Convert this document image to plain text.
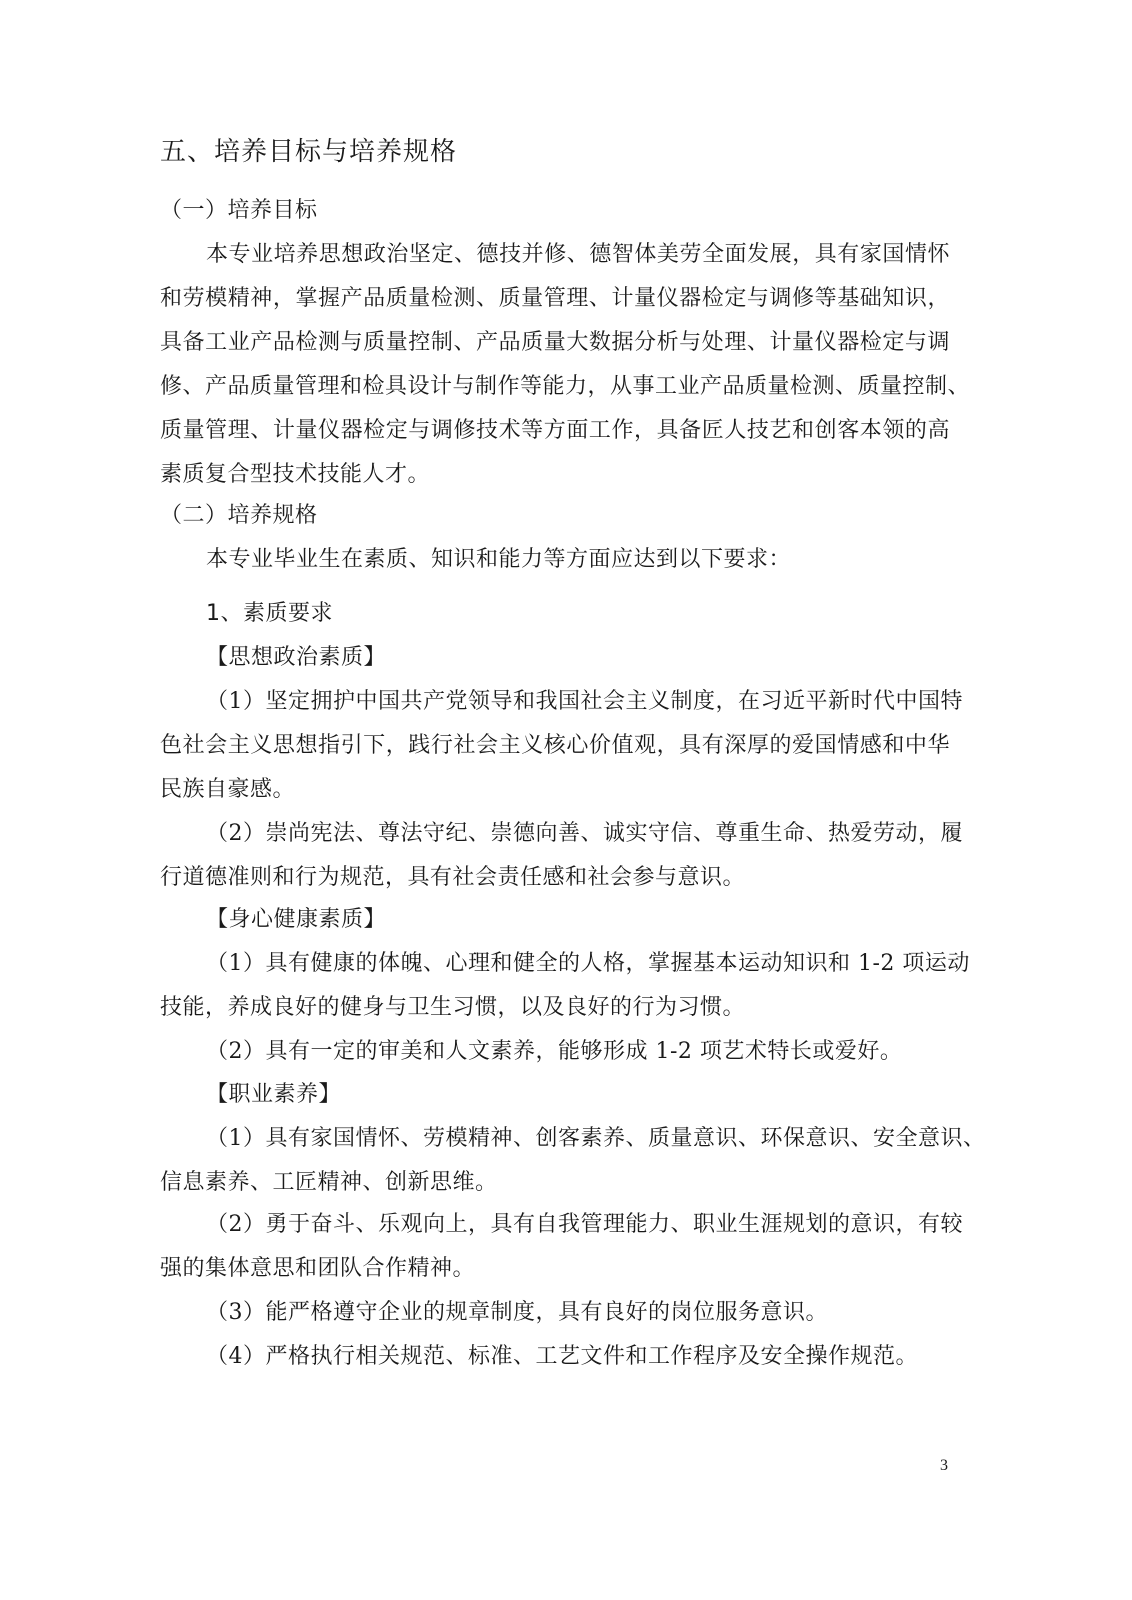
五、培养目标与培养规格
（一）培养目标
本专业培养思想政治坚定、德技并修、德智体美劳全面发展，具有家国情怀
和劳模精神，掌握产品质量检测、质量管理、计量仪器检定与调修等基础知识，
具备工业产品检测与质量控制、产品质量大数据分析与处理、计量仪器检定与调
修、产品质量管理和检具设计与制作等能力，从事工业产品质量检测、质量控制、
质量管理、计量仪器检定与调修技术等方面工作，具备匠人技艺和创客本领的高
素质复合型技术技能人才。
（二）培养规格
本专业毕业生在素质、知识和能力等方面应达到以下要求：
1、素质要求
【思想政治素质】
（1）坚定拥护中国共产党领导和我国社会主义制度，在习近平新时代中国特
色社会主义思想指引下，践行社会主义核心价值观，具有深厚的爱国情感和中华
民族自豪感。
（2）崇尚宪法、尊法守纪、崇德向善、诚实守信、尊重生命、热爱劳动，履
行道德准则和行为规范，具有社会责任感和社会参与意识。
【身心健康素质】
（1）具有健康的体魄、心理和健全的人格，掌握基本运动知识和 1-2 项运动
技能，养成良好的健身与卫生习惯，以及良好的行为习惯。
（2）具有一定的审美和人文素养，能够形成 1-2 项艺术特长或爱好。
【职业素养】
（1）具有家国情怀、劳模精神、创客素养、质量意识、环保意识、安全意识、
信息素养、工匠精神、创新思维。
（2）勇于奋斗、乐观向上，具有自我管理能力、职业生涯规划的意识，有较
强的集体意思和团队合作精神。
（3）能严格遵守企业的规章制度，具有良好的岗位服务意识。
（4）严格执行相关规范、标准、工艺文件和工作程序及安全操作规范。
3
